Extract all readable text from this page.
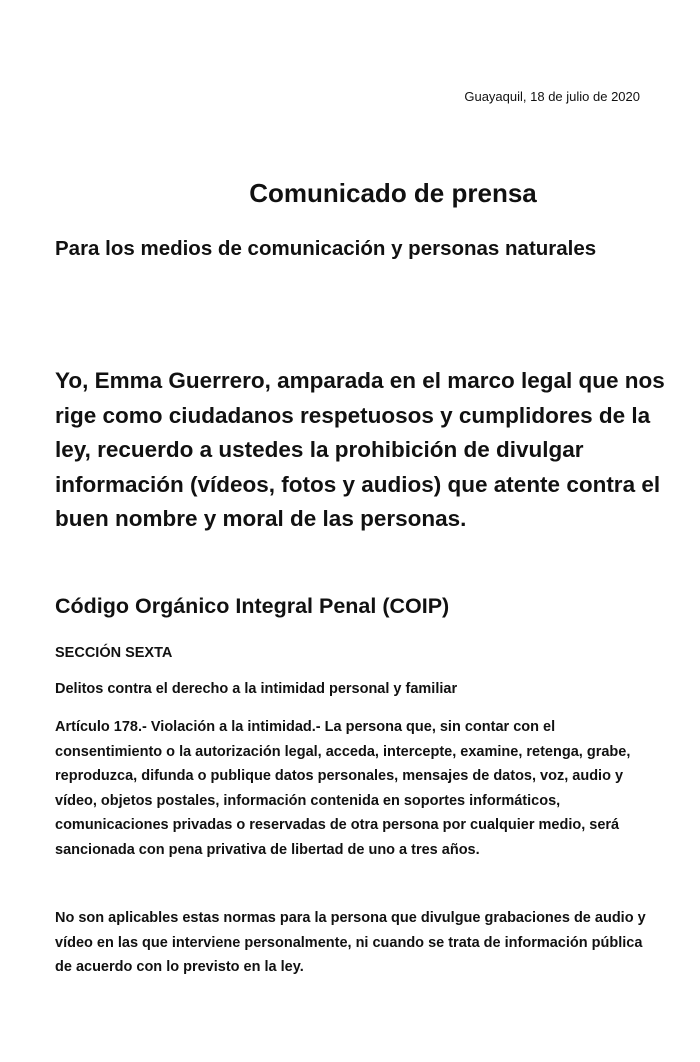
Guayaquil, 18 de julio de 2020
Comunicado de prensa
Para los medios de comunicación y personas naturales
Yo, Emma Guerrero, amparada en el marco legal que nos rige como ciudadanos respetuosos y cumplidores de la ley, recuerdo a ustedes la prohibición de divulgar información (vídeos, fotos y audios) que atente contra el buen nombre y moral de las personas.
Código Orgánico Integral Penal (COIP)
SECCIÓN SEXTA
Delitos contra el derecho a la intimidad personal y familiar
Artículo 178.- Violación a la intimidad.- La persona que, sin contar con el consentimiento o la autorización legal, acceda, intercepte, examine, retenga, grabe, reproduzca, difunda o publique datos personales, mensajes de datos, voz, audio y vídeo, objetos postales, información contenida en soportes informáticos, comunicaciones privadas o reservadas de otra persona por cualquier medio, será sancionada con pena privativa de libertad de uno a tres años.
No son aplicables estas normas para la persona que divulgue grabaciones de audio y vídeo en las que interviene personalmente, ni cuando se trata de información pública de acuerdo con lo previsto en la ley.
